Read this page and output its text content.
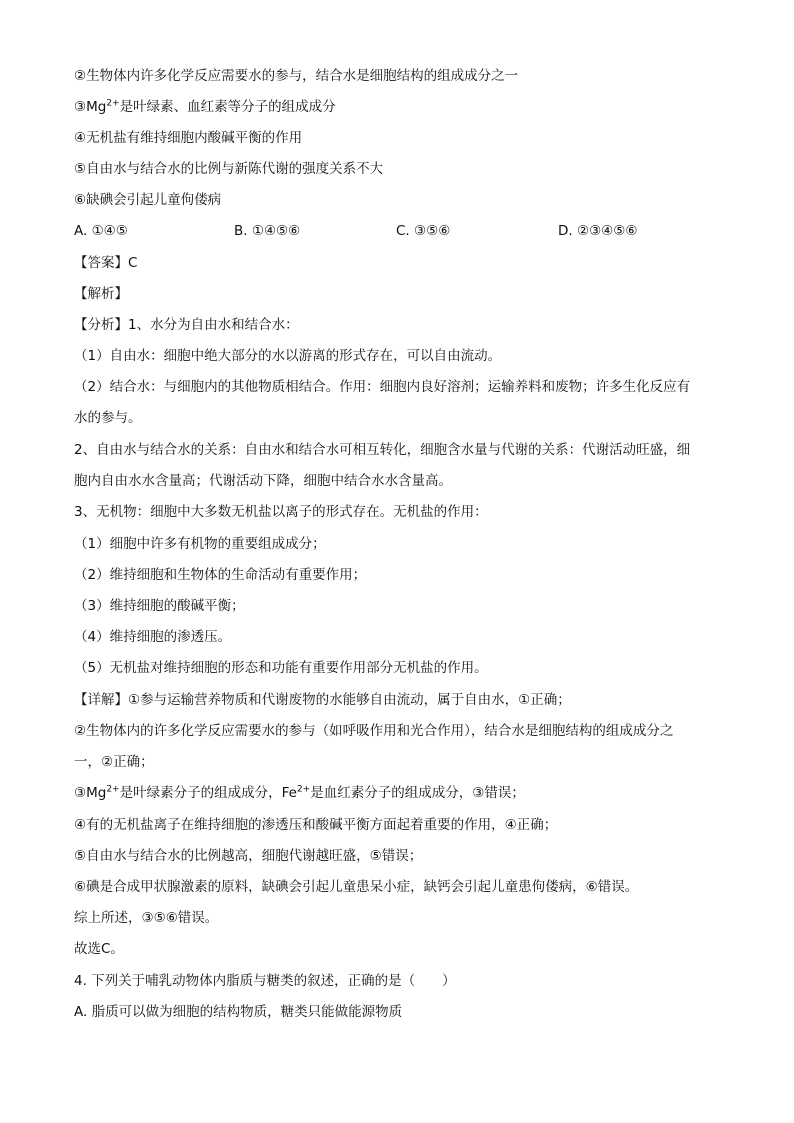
②生物体内许多化学反应需要水的参与，结合水是细胞结构的组成成分之一
$③Mg^{2+}$是叶绿素、血红素等分子的组成成分
④无机盐有维持细胞内酸碱平衡的作用
⑤自由水与结合水的比例与新陈代谢的强度关系不大
⑥缺碘会引起儿童佝偻病
A. ①④⑤	B. ①④⑤⑥	C. ③⑤⑥	D. ②③④⑤⑥
【答案】C
【解析】
【分析】1、水分为自由水和结合水：
（1）自由水：细胞中绝大部分的水以游离的形式存在，可以自由流动。
（2）结合水：与细胞内的其他物质相结合。作用：细胞内良好溶剂；运输养料和废物；许多生化反应有
水的参与。
2、自由水与结合水的关系：自由水和结合水可相互转化，细胞含水量与代谢的关系：代谢活动旺盛，细
胞内自由水水含量高；代谢活动下降，细胞中结合水水含量高。
3、无机物：细胞中大多数无机盐以离子的形式存在。无机盐的作用：
（1）细胞中许多有机物的重要组成成分；
（2）维持细胞和生物体的生命活动有重要作用；
（3）维持细胞的酸碱平衡；
（4）维持细胞的渗透压。
（5）无机盐对维持细胞的形态和功能有重要作用部分无机盐的作用。
【详解】①参与运输营养物质和代谢废物的水能够自由流动，属于自由水，①正确；
②生物体内的许多化学反应需要水的参与（如呼吸作用和光合作用），结合水是细胞结构的组成成分之
一，②正确；
$③Mg^{2+}$是叶绿素分子的组成成分，$Fe^{2+}$是血红素分子的组成成分，③错误；
④有的无机盐离子在维持细胞的渗透压和酸碱平衡方面起着重要的作用，④正确；
⑤自由水与结合水的比例越高，细胞代谢越旺盛，⑤错误；
⑥碘是合成甲状腺激素的原料，缺碘会引起儿童患呆小症，缺钙会引起儿童患佝偻病，⑥错误。
综上所述，③⑤⑥错误。
故选C。
4. 下列关于哺乳动物体内脂质与糖类的叙述，正确的是（　　）
A. 脂质可以做为细胞的结构物质，糖类只能做能源物质
